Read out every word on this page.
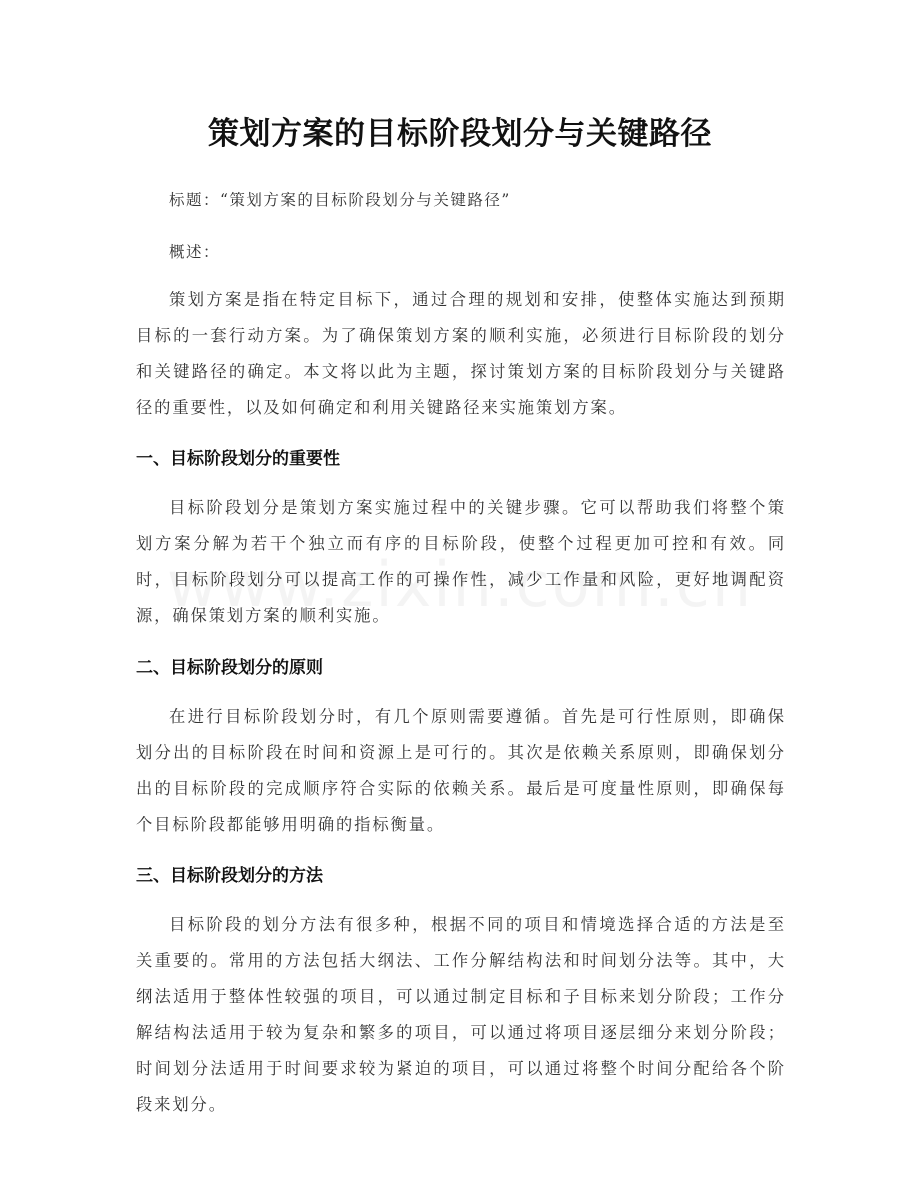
策划方案的目标阶段划分与关键路径

标题：“策划方案的目标阶段划分与关键路径”

概述：

策划方案是指在特定目标下，通过合理的规划和安排，使整体实施达到预期目标的一套行动方案。为了确保策划方案的顺利实施，必须进行目标阶段的划分和关键路径的确定。本文将以此为主题，探讨策划方案的目标阶段划分与关键路径的重要性，以及如何确定和利用关键路径来实施策划方案。

一、目标阶段划分的重要性

目标阶段划分是策划方案实施过程中的关键步骤。它可以帮助我们将整个策划方案分解为若干个独立而有序的目标阶段，使整个过程更加可控和有效。同时，目标阶段划分可以提高工作的可操作性，减少工作量和风险，更好地调配资源，确保策划方案的顺利实施。

二、目标阶段划分的原则

在进行目标阶段划分时，有几个原则需要遵循。首先是可行性原则，即确保划分出的目标阶段在时间和资源上是可行的。其次是依赖关系原则，即确保划分出的目标阶段的完成顺序符合实际的依赖关系。最后是可度量性原则，即确保每个目标阶段都能够用明确的指标衡量。

三、目标阶段划分的方法

目标阶段的划分方法有很多种，根据不同的项目和情境选择合适的方法是至关重要的。常用的方法包括大纲法、工作分解结构法和时间划分法等。其中，大纲法适用于整体性较强的项目，可以通过制定目标和子目标来划分阶段；工作分解结构法适用于较为复杂和繁多的项目，可以通过将项目逐层细分来划分阶段；时间划分法适用于时间要求较为紧迫的项目，可以通过将整个时间分配给各个阶段来划分。
